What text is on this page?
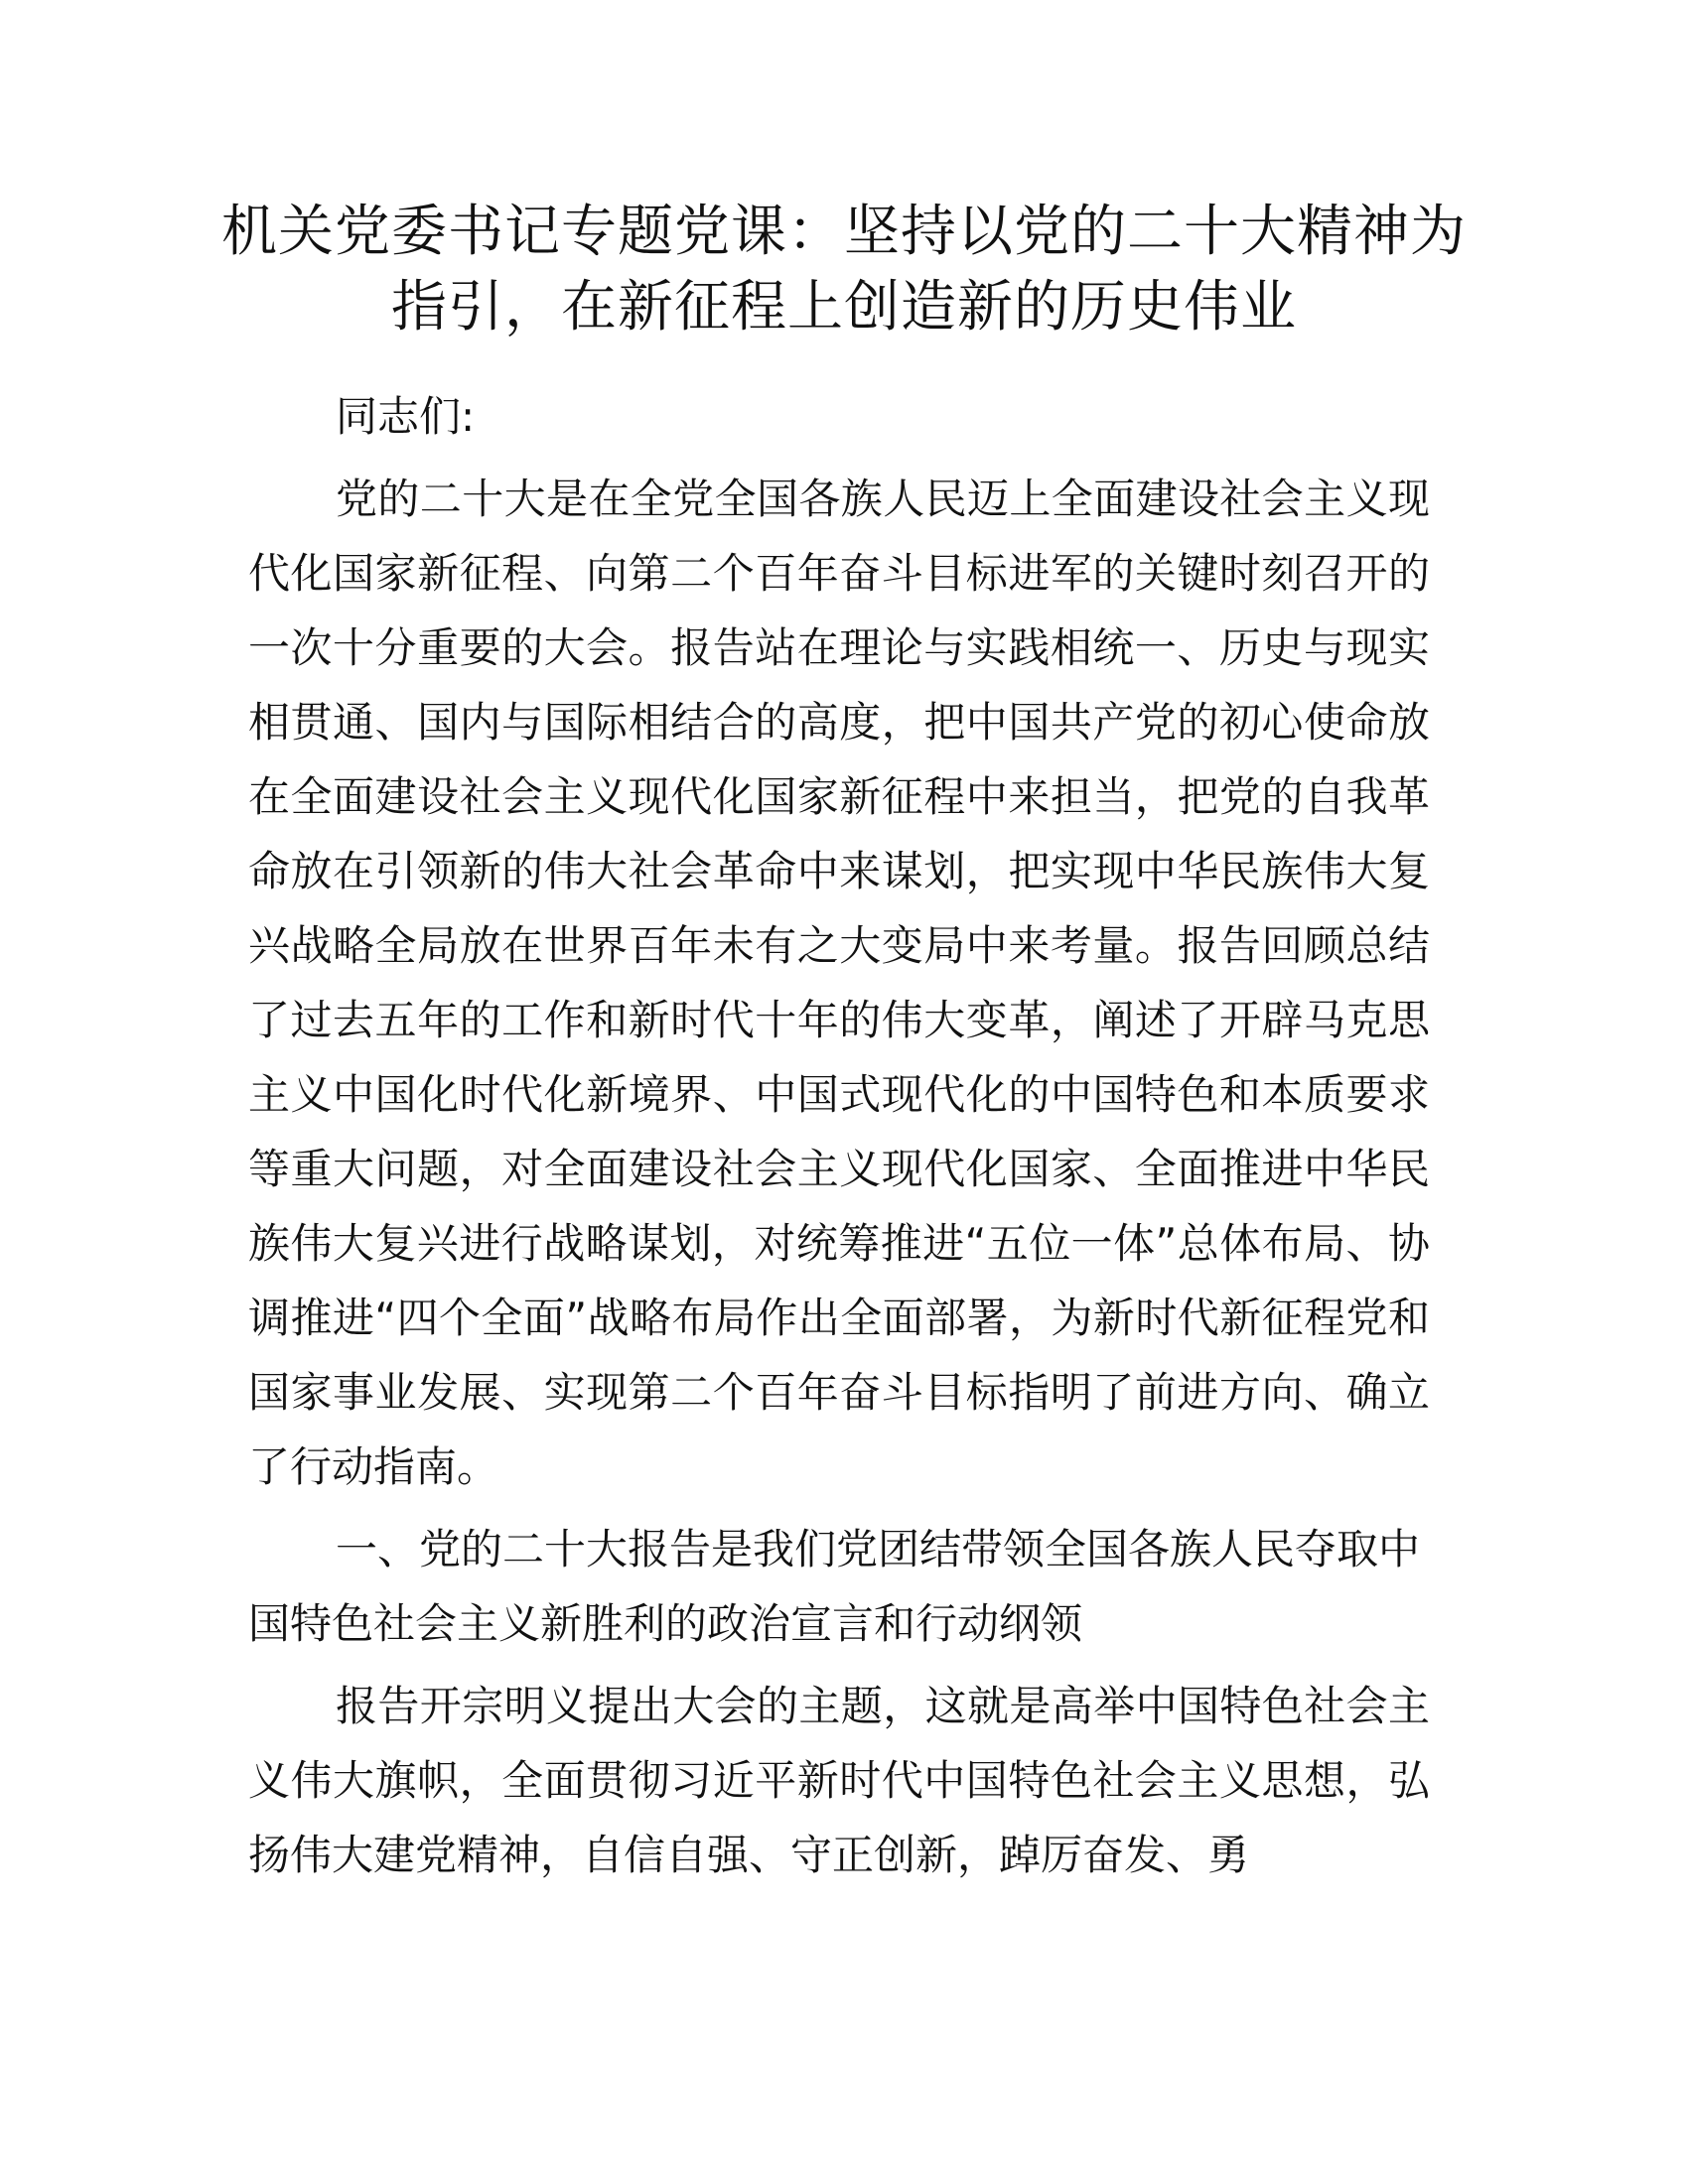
机关党委书记专题党课：坚持以党的二十大精神为指引，在新征程上创造新的历史伟业

同志们:

党的二十大是在全党全国各族人民迈上全面建设社会主义现代化国家新征程、向第二个百年奋斗目标进军的关键时刻召开的一次十分重要的大会。报告站在理论与实践相统一、历史与现实相贯通、国内与国际相结合的高度，把中国共产党的初心使命放在全面建设社会主义现代化国家新征程中来担当，把党的自我革命放在引领新的伟大社会革命中来谋划，把实现中华民族伟大复兴战略全局放在世界百年未有之大变局中来考量。报告回顾总结了过去五年的工作和新时代十年的伟大变革，阐述了开辟马克思主义中国化时代化新境界、中国式现代化的中国特色和本质要求等重大问题，对全面建设社会主义现代化国家、全面推进中华民族伟大复兴进行战略谋划，对统筹推进“五位一体”总体布局、协调推进“四个全面”战略布局作出全面部署，为新时代新征程党和国家事业发展、实现第二个百年奋斗目标指明了前进方向、确立了行动指南。

一、党的二十大报告是我们党团结带领全国各族人民夺取中国特色社会主义新胜利的政治宣言和行动纲领

报告开宗明义提出大会的主题，这就是高举中国特色社会主义伟大旗帜，全面贯彻习近平新时代中国特色社会主义思想，弘扬伟大建党精神，自信自强、守正创新，踔厉奋发、勇
